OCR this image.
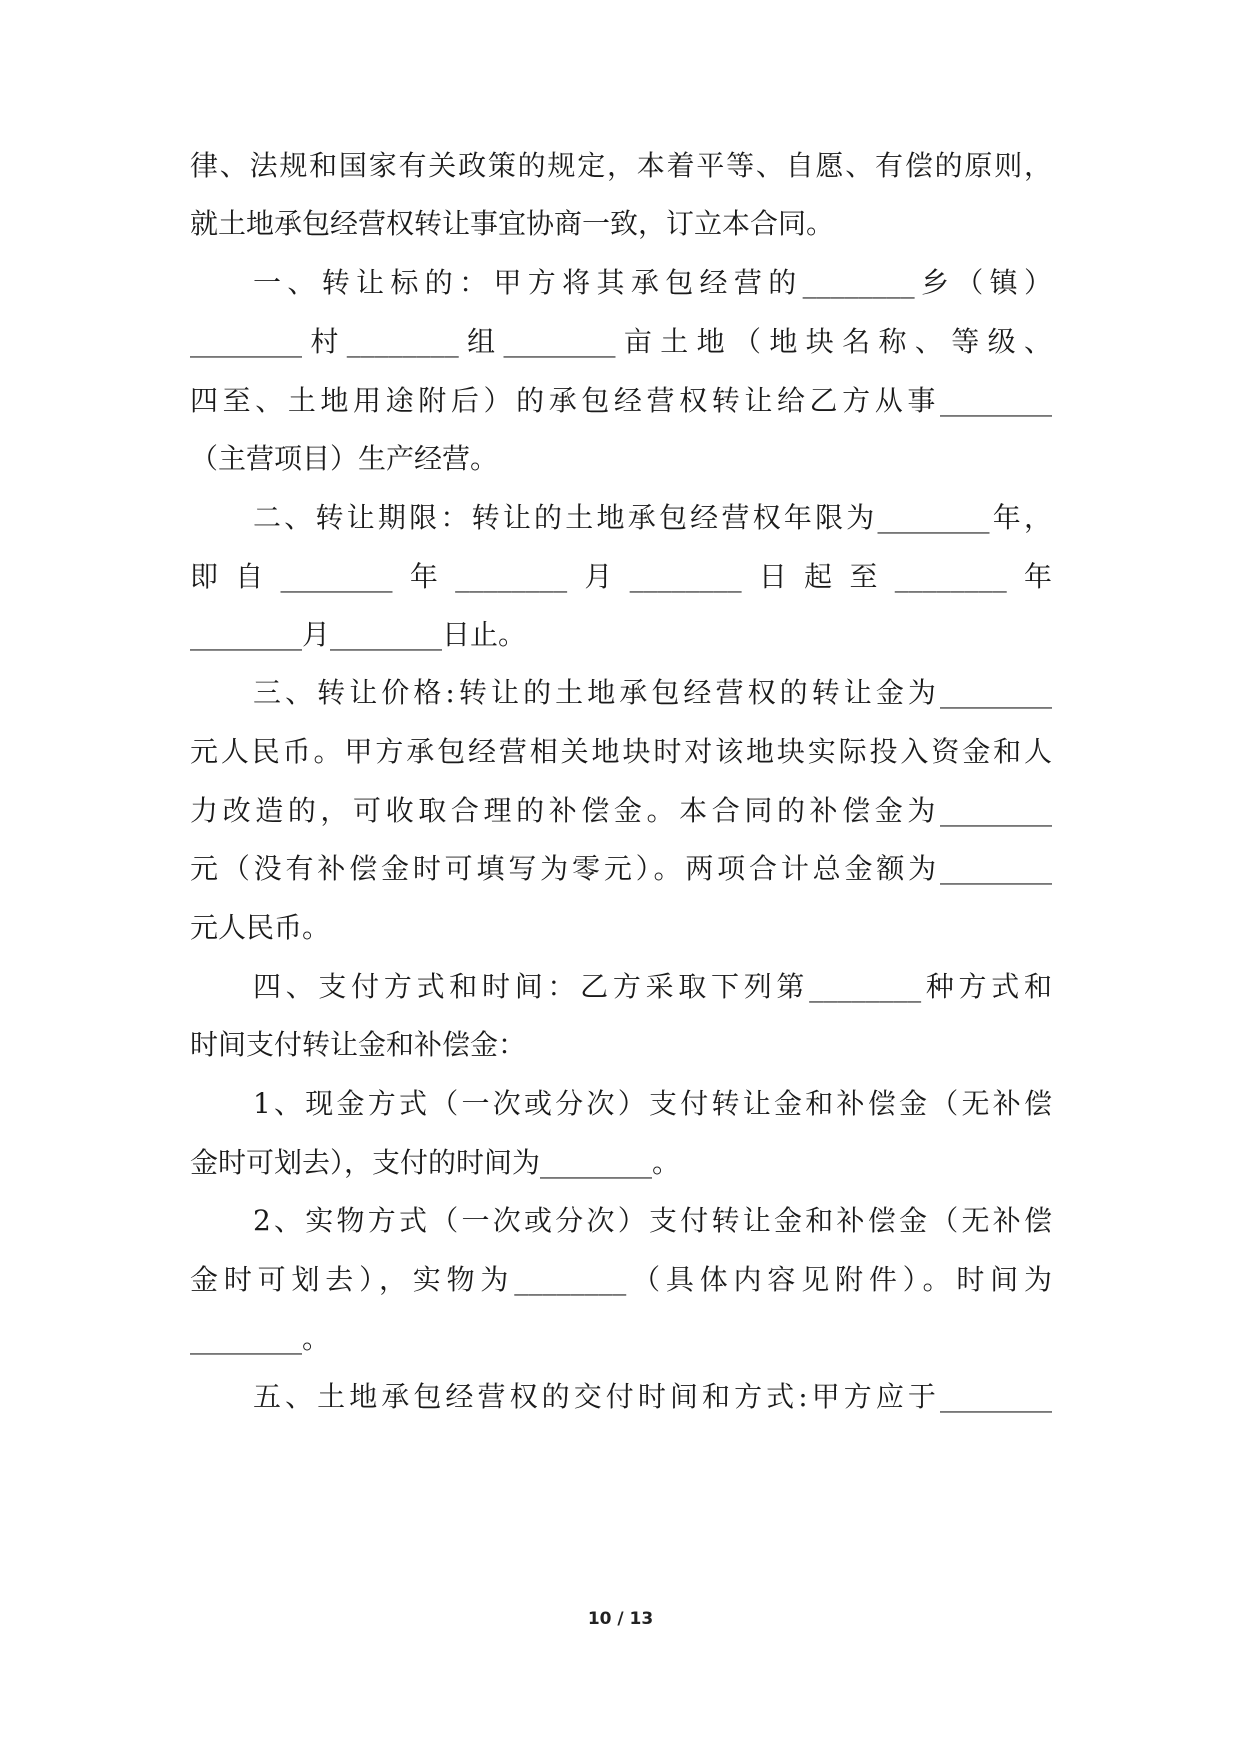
律、法规和国家有关政策的规定，本着平等、自愿、有偿的原则，
就土地承包经营权转让事宜协商一致，订立本合同。
一、转让标的：甲方将其承包经营的________乡（镇）
________村________组________亩土地（地块名称、等级、
四至、土地用途附后）的承包经营权转让给乙方从事________
（主营项目）生产经营。
二、转让期限：转让的土地承包经营权年限为________年，
即自________年________月________日起至________年
________月________日止。
三、转让价格:转让的土地承包经营权的转让金为________
元人民币。甲方承包经营相关地块时对该地块实际投入资金和人
力改造的，可收取合理的补偿金。本合同的补偿金为________
元（没有补偿金时可填写为零元）。两项合计总金额为________
元人民币。
四、支付方式和时间：乙方采取下列第________种方式和
时间支付转让金和补偿金：
1、现金方式（一次或分次）支付转让金和补偿金（无补偿
金时可划去），支付的时间为________。
2、实物方式（一次或分次）支付转让金和补偿金（无补偿
金时可划去），实物为________（具体内容见附件）。时间为
________。
五、土地承包经营权的交付时间和方式:甲方应于________
10 / 13
